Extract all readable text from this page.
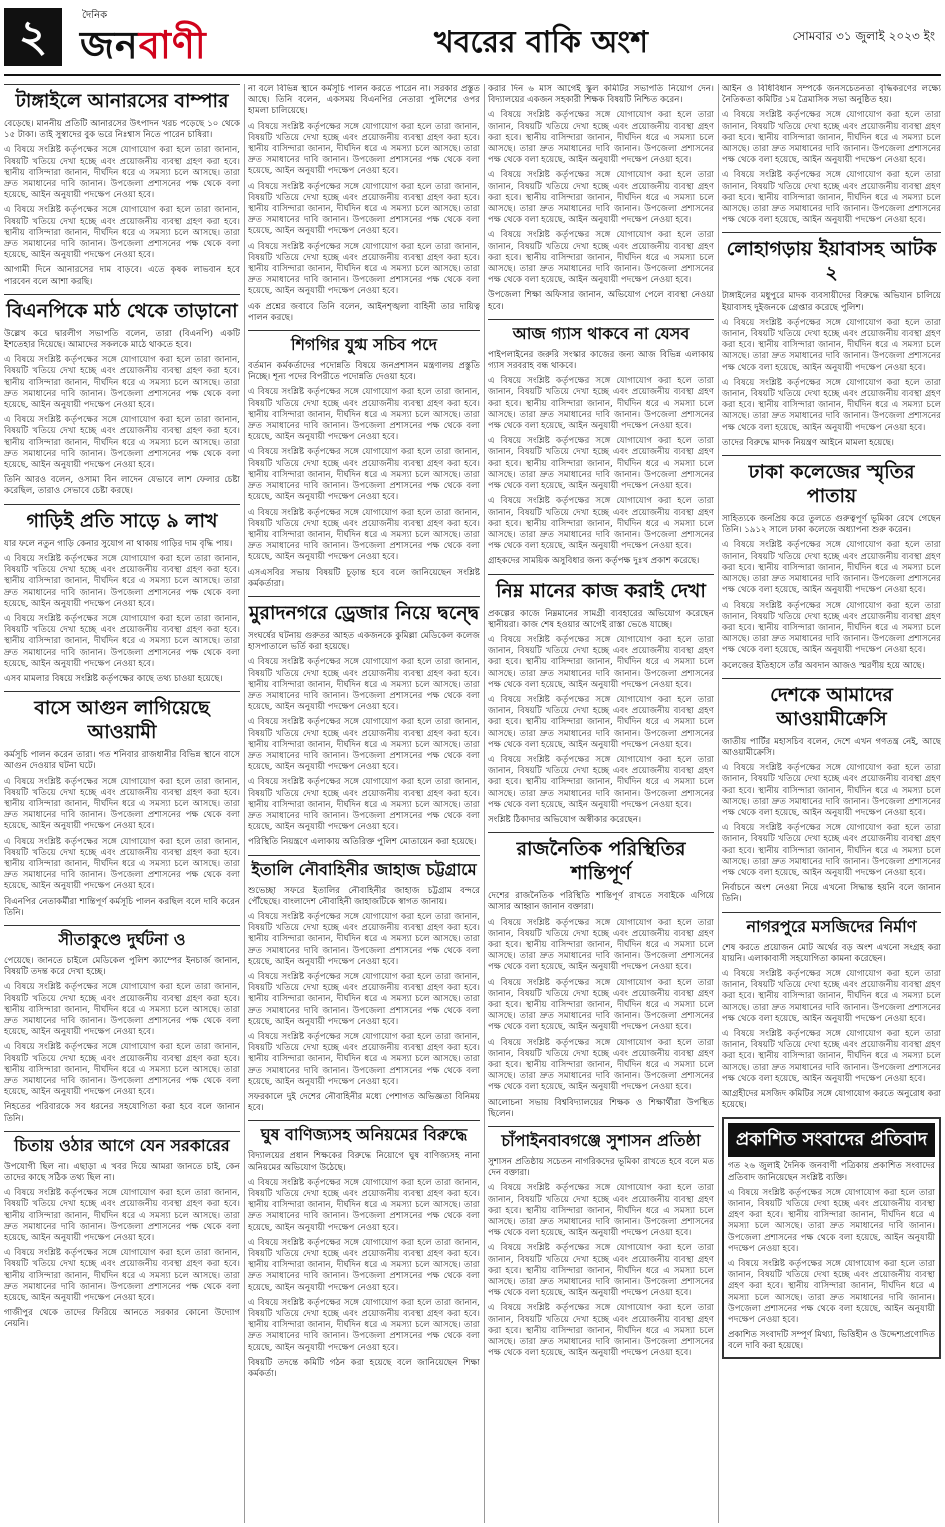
২	দৈনিক
জনবাণী	খবরের বাকি অংশ	সোমবার ৩১ জুলাই ২০২৩ ইং
টাঙ্গাইলে আনারসের বাম্পার

বেড়েছে। মাননীয় প্রতিটি আনারসের উৎপাদন খরচ পড়েছে ১০ থেকে ১৫ টাকা। তাই সুস্বাদের বুক ভরে নিঃশ্বাস নিতে পারেন চাষিরা।

এ বিষয়ে সংশ্লিষ্ট কর্তৃপক্ষের সঙ্গে যোগাযোগ করা হলে তারা জানান, বিষয়টি খতিয়ে দেখা হচ্ছে এবং প্রয়োজনীয় ব্যবস্থা গ্রহণ করা হবে। স্থানীয় বাসিন্দারা জানান, দীর্ঘদিন ধরে এ সমস্যা চলে আসছে। তারা দ্রুত সমাধানের দাবি জানান। উপজেলা প্রশাসনের পক্ষ থেকে বলা হয়েছে, আইন অনুযায়ী পদক্ষেপ নেওয়া হবে।

এ বিষয়ে সংশ্লিষ্ট কর্তৃপক্ষের সঙ্গে যোগাযোগ করা হলে তারা জানান, বিষয়টি খতিয়ে দেখা হচ্ছে এবং প্রয়োজনীয় ব্যবস্থা গ্রহণ করা হবে। স্থানীয় বাসিন্দারা জানান, দীর্ঘদিন ধরে এ সমস্যা চলে আসছে। তারা দ্রুত সমাধানের দাবি জানান। উপজেলা প্রশাসনের পক্ষ থেকে বলা হয়েছে, আইন অনুযায়ী পদক্ষেপ নেওয়া হবে।

আগামী দিনে আনারসের দাম বাড়বে। এতে কৃষক লাভবান হবে পারবেন বলে আশা করছি।

বিএনপিকে মাঠ থেকে তাড়ানো

উল্লেখ করে দ্বারলীগ সভাপতি বলেন, তারা (বিএনপি) একটি ইশতেহার দিয়েছে। আমাদের সকলকে মাঠে থাকতে হবে।

এ বিষয়ে সংশ্লিষ্ট কর্তৃপক্ষের সঙ্গে যোগাযোগ করা হলে তারা জানান, বিষয়টি খতিয়ে দেখা হচ্ছে এবং প্রয়োজনীয় ব্যবস্থা গ্রহণ করা হবে। স্থানীয় বাসিন্দারা জানান, দীর্ঘদিন ধরে এ সমস্যা চলে আসছে। তারা দ্রুত সমাধানের দাবি জানান। উপজেলা প্রশাসনের পক্ষ থেকে বলা হয়েছে, আইন অনুযায়ী পদক্ষেপ নেওয়া হবে।

এ বিষয়ে সংশ্লিষ্ট কর্তৃপক্ষের সঙ্গে যোগাযোগ করা হলে তারা জানান, বিষয়টি খতিয়ে দেখা হচ্ছে এবং প্রয়োজনীয় ব্যবস্থা গ্রহণ করা হবে। স্থানীয় বাসিন্দারা জানান, দীর্ঘদিন ধরে এ সমস্যা চলে আসছে। তারা দ্রুত সমাধানের দাবি জানান। উপজেলা প্রশাসনের পক্ষ থেকে বলা হয়েছে, আইন অনুযায়ী পদক্ষেপ নেওয়া হবে।

তিনি আরও বলেন, ওসামা বিন লাদেন যেভাবে লাশ ফেলার চেষ্টা করেছিল, তারাও সেভাবে চেষ্টা করছে।

গাড়িই প্রতি সাড়ে ৯ লাখ

যার ফলে নতুন গাড়ি কেনার সুযোগ না থাকায় গাড়ির দাম বৃদ্ধি পায়।

এ বিষয়ে সংশ্লিষ্ট কর্তৃপক্ষের সঙ্গে যোগাযোগ করা হলে তারা জানান, বিষয়টি খতিয়ে দেখা হচ্ছে এবং প্রয়োজনীয় ব্যবস্থা গ্রহণ করা হবে। স্থানীয় বাসিন্দারা জানান, দীর্ঘদিন ধরে এ সমস্যা চলে আসছে। তারা দ্রুত সমাধানের দাবি জানান। উপজেলা প্রশাসনের পক্ষ থেকে বলা হয়েছে, আইন অনুযায়ী পদক্ষেপ নেওয়া হবে।

এ বিষয়ে সংশ্লিষ্ট কর্তৃপক্ষের সঙ্গে যোগাযোগ করা হলে তারা জানান, বিষয়টি খতিয়ে দেখা হচ্ছে এবং প্রয়োজনীয় ব্যবস্থা গ্রহণ করা হবে। স্থানীয় বাসিন্দারা জানান, দীর্ঘদিন ধরে এ সমস্যা চলে আসছে। তারা দ্রুত সমাধানের দাবি জানান। উপজেলা প্রশাসনের পক্ষ থেকে বলা হয়েছে, আইন অনুযায়ী পদক্ষেপ নেওয়া হবে।

এসব মামলার বিষয়ে সংশ্লিষ্ট কর্তৃপক্ষের কাছে তথ্য চাওয়া হয়েছে।

বাসে আগুন লাগিয়েছে আওয়ামী

কর্মসূচি পালন করেন তারা। গত শনিবার রাজধানীর বিভিন্ন স্থানে বাসে আগুন দেওয়ার ঘটনা ঘটে।

এ বিষয়ে সংশ্লিষ্ট কর্তৃপক্ষের সঙ্গে যোগাযোগ করা হলে তারা জানান, বিষয়টি খতিয়ে দেখা হচ্ছে এবং প্রয়োজনীয় ব্যবস্থা গ্রহণ করা হবে। স্থানীয় বাসিন্দারা জানান, দীর্ঘদিন ধরে এ সমস্যা চলে আসছে। তারা দ্রুত সমাধানের দাবি জানান। উপজেলা প্রশাসনের পক্ষ থেকে বলা হয়েছে, আইন অনুযায়ী পদক্ষেপ নেওয়া হবে।

এ বিষয়ে সংশ্লিষ্ট কর্তৃপক্ষের সঙ্গে যোগাযোগ করা হলে তারা জানান, বিষয়টি খতিয়ে দেখা হচ্ছে এবং প্রয়োজনীয় ব্যবস্থা গ্রহণ করা হবে। স্থানীয় বাসিন্দারা জানান, দীর্ঘদিন ধরে এ সমস্যা চলে আসছে। তারা দ্রুত সমাধানের দাবি জানান। উপজেলা প্রশাসনের পক্ষ থেকে বলা হয়েছে, আইন অনুযায়ী পদক্ষেপ নেওয়া হবে।

বিএনপির নেতাকর্মীরা শান্তিপূর্ণ কর্মসূচি পালন করছিল বলে দাবি করেন তিনি।

সীতাকুণ্ডে দুর্ঘটনা ও

পেয়েছে। জানতে চাইলে মেডিকেল পুলিশ ক্যাম্পের ইনচার্জ জানান, বিষয়টি তদন্ত করে দেখা হচ্ছে।

এ বিষয়ে সংশ্লিষ্ট কর্তৃপক্ষের সঙ্গে যোগাযোগ করা হলে তারা জানান, বিষয়টি খতিয়ে দেখা হচ্ছে এবং প্রয়োজনীয় ব্যবস্থা গ্রহণ করা হবে। স্থানীয় বাসিন্দারা জানান, দীর্ঘদিন ধরে এ সমস্যা চলে আসছে। তারা দ্রুত সমাধানের দাবি জানান। উপজেলা প্রশাসনের পক্ষ থেকে বলা হয়েছে, আইন অনুযায়ী পদক্ষেপ নেওয়া হবে।

এ বিষয়ে সংশ্লিষ্ট কর্তৃপক্ষের সঙ্গে যোগাযোগ করা হলে তারা জানান, বিষয়টি খতিয়ে দেখা হচ্ছে এবং প্রয়োজনীয় ব্যবস্থা গ্রহণ করা হবে। স্থানীয় বাসিন্দারা জানান, দীর্ঘদিন ধরে এ সমস্যা চলে আসছে। তারা দ্রুত সমাধানের দাবি জানান। উপজেলা প্রশাসনের পক্ষ থেকে বলা হয়েছে, আইন অনুযায়ী পদক্ষেপ নেওয়া হবে।

নিহতের পরিবারকে সব ধরনের সহযোগিতা করা হবে বলে জানান তিনি।

চিতায় ওঠার আগে যেন সরকারের

উপযোগী ছিল না। এছাড়া এ খবর দিয়ে আমরা জানতে চাই, কেন তাদের কাছে সঠিক তথ্য ছিল না।

এ বিষয়ে সংশ্লিষ্ট কর্তৃপক্ষের সঙ্গে যোগাযোগ করা হলে তারা জানান, বিষয়টি খতিয়ে দেখা হচ্ছে এবং প্রয়োজনীয় ব্যবস্থা গ্রহণ করা হবে। স্থানীয় বাসিন্দারা জানান, দীর্ঘদিন ধরে এ সমস্যা চলে আসছে। তারা দ্রুত সমাধানের দাবি জানান। উপজেলা প্রশাসনের পক্ষ থেকে বলা হয়েছে, আইন অনুযায়ী পদক্ষেপ নেওয়া হবে।

এ বিষয়ে সংশ্লিষ্ট কর্তৃপক্ষের সঙ্গে যোগাযোগ করা হলে তারা জানান, বিষয়টি খতিয়ে দেখা হচ্ছে এবং প্রয়োজনীয় ব্যবস্থা গ্রহণ করা হবে। স্থানীয় বাসিন্দারা জানান, দীর্ঘদিন ধরে এ সমস্যা চলে আসছে। তারা দ্রুত সমাধানের দাবি জানান। উপজেলা প্রশাসনের পক্ষ থেকে বলা হয়েছে, আইন অনুযায়ী পদক্ষেপ নেওয়া হবে।

গাজীপুর থেকে তাদের ফিরিয়ে আনতে সরকার কোনো উদ্যোগ নেয়নি।

না বলে বিভিন্ন স্থানে কর্মসূচি পালন করতে পারেন না। সরকার প্রস্তুত আছে। তিনি বলেন, একসময় বিএনপির নেতারা পুলিশের ওপর হামলা চালিয়েছে।

এ বিষয়ে সংশ্লিষ্ট কর্তৃপক্ষের সঙ্গে যোগাযোগ করা হলে তারা জানান, বিষয়টি খতিয়ে দেখা হচ্ছে এবং প্রয়োজনীয় ব্যবস্থা গ্রহণ করা হবে। স্থানীয় বাসিন্দারা জানান, দীর্ঘদিন ধরে এ সমস্যা চলে আসছে। তারা দ্রুত সমাধানের দাবি জানান। উপজেলা প্রশাসনের পক্ষ থেকে বলা হয়েছে, আইন অনুযায়ী পদক্ষেপ নেওয়া হবে।

এ বিষয়ে সংশ্লিষ্ট কর্তৃপক্ষের সঙ্গে যোগাযোগ করা হলে তারা জানান, বিষয়টি খতিয়ে দেখা হচ্ছে এবং প্রয়োজনীয় ব্যবস্থা গ্রহণ করা হবে। স্থানীয় বাসিন্দারা জানান, দীর্ঘদিন ধরে এ সমস্যা চলে আসছে। তারা দ্রুত সমাধানের দাবি জানান। উপজেলা প্রশাসনের পক্ষ থেকে বলা হয়েছে, আইন অনুযায়ী পদক্ষেপ নেওয়া হবে।

এ বিষয়ে সংশ্লিষ্ট কর্তৃপক্ষের সঙ্গে যোগাযোগ করা হলে তারা জানান, বিষয়টি খতিয়ে দেখা হচ্ছে এবং প্রয়োজনীয় ব্যবস্থা গ্রহণ করা হবে। স্থানীয় বাসিন্দারা জানান, দীর্ঘদিন ধরে এ সমস্যা চলে আসছে। তারা দ্রুত সমাধানের দাবি জানান। উপজেলা প্রশাসনের পক্ষ থেকে বলা হয়েছে, আইন অনুযায়ী পদক্ষেপ নেওয়া হবে।

এক প্রশ্নের জবাবে তিনি বলেন, আইনশৃঙ্খলা বাহিনী তার দায়িত্ব পালন করছে।

শিগগির যুগ্ম সচিব পদে

বর্তমান কর্মকর্তাদের পদোন্নতি বিষয়ে জনপ্রশাসন মন্ত্রণালয় প্রস্তুতি নিচ্ছে। শূন্য পদের বিপরীতে পদোন্নতি দেওয়া হবে।

এ বিষয়ে সংশ্লিষ্ট কর্তৃপক্ষের সঙ্গে যোগাযোগ করা হলে তারা জানান, বিষয়টি খতিয়ে দেখা হচ্ছে এবং প্রয়োজনীয় ব্যবস্থা গ্রহণ করা হবে। স্থানীয় বাসিন্দারা জানান, দীর্ঘদিন ধরে এ সমস্যা চলে আসছে। তারা দ্রুত সমাধানের দাবি জানান। উপজেলা প্রশাসনের পক্ষ থেকে বলা হয়েছে, আইন অনুযায়ী পদক্ষেপ নেওয়া হবে।

এ বিষয়ে সংশ্লিষ্ট কর্তৃপক্ষের সঙ্গে যোগাযোগ করা হলে তারা জানান, বিষয়টি খতিয়ে দেখা হচ্ছে এবং প্রয়োজনীয় ব্যবস্থা গ্রহণ করা হবে। স্থানীয় বাসিন্দারা জানান, দীর্ঘদিন ধরে এ সমস্যা চলে আসছে। তারা দ্রুত সমাধানের দাবি জানান। উপজেলা প্রশাসনের পক্ষ থেকে বলা হয়েছে, আইন অনুযায়ী পদক্ষেপ নেওয়া হবে।

এ বিষয়ে সংশ্লিষ্ট কর্তৃপক্ষের সঙ্গে যোগাযোগ করা হলে তারা জানান, বিষয়টি খতিয়ে দেখা হচ্ছে এবং প্রয়োজনীয় ব্যবস্থা গ্রহণ করা হবে। স্থানীয় বাসিন্দারা জানান, দীর্ঘদিন ধরে এ সমস্যা চলে আসছে। তারা দ্রুত সমাধানের দাবি জানান। উপজেলা প্রশাসনের পক্ষ থেকে বলা হয়েছে, আইন অনুযায়ী পদক্ষেপ নেওয়া হবে।

এসএসবির সভায় বিষয়টি চূড়ান্ত হবে বলে জানিয়েছেন সংশ্লিষ্ট কর্মকর্তারা।

মুরাদনগরে ড্রেজার নিয়ে দ্বন্দ্বে

সংঘর্ষের ঘটনায় গুরুতর আহত একজনকে কুমিল্লা মেডিকেল কলেজ হাসপাতালে ভর্তি করা হয়েছে।

এ বিষয়ে সংশ্লিষ্ট কর্তৃপক্ষের সঙ্গে যোগাযোগ করা হলে তারা জানান, বিষয়টি খতিয়ে দেখা হচ্ছে এবং প্রয়োজনীয় ব্যবস্থা গ্রহণ করা হবে। স্থানীয় বাসিন্দারা জানান, দীর্ঘদিন ধরে এ সমস্যা চলে আসছে। তারা দ্রুত সমাধানের দাবি জানান। উপজেলা প্রশাসনের পক্ষ থেকে বলা হয়েছে, আইন অনুযায়ী পদক্ষেপ নেওয়া হবে।

এ বিষয়ে সংশ্লিষ্ট কর্তৃপক্ষের সঙ্গে যোগাযোগ করা হলে তারা জানান, বিষয়টি খতিয়ে দেখা হচ্ছে এবং প্রয়োজনীয় ব্যবস্থা গ্রহণ করা হবে। স্থানীয় বাসিন্দারা জানান, দীর্ঘদিন ধরে এ সমস্যা চলে আসছে। তারা দ্রুত সমাধানের দাবি জানান। উপজেলা প্রশাসনের পক্ষ থেকে বলা হয়েছে, আইন অনুযায়ী পদক্ষেপ নেওয়া হবে।

এ বিষয়ে সংশ্লিষ্ট কর্তৃপক্ষের সঙ্গে যোগাযোগ করা হলে তারা জানান, বিষয়টি খতিয়ে দেখা হচ্ছে এবং প্রয়োজনীয় ব্যবস্থা গ্রহণ করা হবে। স্থানীয় বাসিন্দারা জানান, দীর্ঘদিন ধরে এ সমস্যা চলে আসছে। তারা দ্রুত সমাধানের দাবি জানান। উপজেলা প্রশাসনের পক্ষ থেকে বলা হয়েছে, আইন অনুযায়ী পদক্ষেপ নেওয়া হবে।

পরিস্থিতি নিয়ন্ত্রণে এলাকায় অতিরিক্ত পুলিশ মোতায়েন করা হয়েছে।

ইতালি নৌবাহিনীর জাহাজ চট্টগ্রামে

শুভেচ্ছা সফরে ইতালির নৌবাহিনীর জাহাজ চট্টগ্রাম বন্দরে পৌঁছেছে। বাংলাদেশ নৌবাহিনী জাহাজটিকে স্বাগত জানায়।

এ বিষয়ে সংশ্লিষ্ট কর্তৃপক্ষের সঙ্গে যোগাযোগ করা হলে তারা জানান, বিষয়টি খতিয়ে দেখা হচ্ছে এবং প্রয়োজনীয় ব্যবস্থা গ্রহণ করা হবে। স্থানীয় বাসিন্দারা জানান, দীর্ঘদিন ধরে এ সমস্যা চলে আসছে। তারা দ্রুত সমাধানের দাবি জানান। উপজেলা প্রশাসনের পক্ষ থেকে বলা হয়েছে, আইন অনুযায়ী পদক্ষেপ নেওয়া হবে।

এ বিষয়ে সংশ্লিষ্ট কর্তৃপক্ষের সঙ্গে যোগাযোগ করা হলে তারা জানান, বিষয়টি খতিয়ে দেখা হচ্ছে এবং প্রয়োজনীয় ব্যবস্থা গ্রহণ করা হবে। স্থানীয় বাসিন্দারা জানান, দীর্ঘদিন ধরে এ সমস্যা চলে আসছে। তারা দ্রুত সমাধানের দাবি জানান। উপজেলা প্রশাসনের পক্ষ থেকে বলা হয়েছে, আইন অনুযায়ী পদক্ষেপ নেওয়া হবে।

এ বিষয়ে সংশ্লিষ্ট কর্তৃপক্ষের সঙ্গে যোগাযোগ করা হলে তারা জানান, বিষয়টি খতিয়ে দেখা হচ্ছে এবং প্রয়োজনীয় ব্যবস্থা গ্রহণ করা হবে। স্থানীয় বাসিন্দারা জানান, দীর্ঘদিন ধরে এ সমস্যা চলে আসছে। তারা দ্রুত সমাধানের দাবি জানান। উপজেলা প্রশাসনের পক্ষ থেকে বলা হয়েছে, আইন অনুযায়ী পদক্ষেপ নেওয়া হবে।

সফরকালে দুই দেশের নৌবাহিনীর মধ্যে পেশাগত অভিজ্ঞতা বিনিময় হবে।

ঘুষ বাণিজ্যসহ অনিয়মের বিরুদ্ধে

বিদ্যালয়ের প্রধান শিক্ষকের বিরুদ্ধে নিয়োগে ঘুষ বাণিজ্যসহ নানা অনিয়মের অভিযোগ উঠেছে।

এ বিষয়ে সংশ্লিষ্ট কর্তৃপক্ষের সঙ্গে যোগাযোগ করা হলে তারা জানান, বিষয়টি খতিয়ে দেখা হচ্ছে এবং প্রয়োজনীয় ব্যবস্থা গ্রহণ করা হবে। স্থানীয় বাসিন্দারা জানান, দীর্ঘদিন ধরে এ সমস্যা চলে আসছে। তারা দ্রুত সমাধানের দাবি জানান। উপজেলা প্রশাসনের পক্ষ থেকে বলা হয়েছে, আইন অনুযায়ী পদক্ষেপ নেওয়া হবে।

এ বিষয়ে সংশ্লিষ্ট কর্তৃপক্ষের সঙ্গে যোগাযোগ করা হলে তারা জানান, বিষয়টি খতিয়ে দেখা হচ্ছে এবং প্রয়োজনীয় ব্যবস্থা গ্রহণ করা হবে। স্থানীয় বাসিন্দারা জানান, দীর্ঘদিন ধরে এ সমস্যা চলে আসছে। তারা দ্রুত সমাধানের দাবি জানান। উপজেলা প্রশাসনের পক্ষ থেকে বলা হয়েছে, আইন অনুযায়ী পদক্ষেপ নেওয়া হবে।

এ বিষয়ে সংশ্লিষ্ট কর্তৃপক্ষের সঙ্গে যোগাযোগ করা হলে তারা জানান, বিষয়টি খতিয়ে দেখা হচ্ছে এবং প্রয়োজনীয় ব্যবস্থা গ্রহণ করা হবে। স্থানীয় বাসিন্দারা জানান, দীর্ঘদিন ধরে এ সমস্যা চলে আসছে। তারা দ্রুত সমাধানের দাবি জানান। উপজেলা প্রশাসনের পক্ষ থেকে বলা হয়েছে, আইন অনুযায়ী পদক্ষেপ নেওয়া হবে।

বিষয়টি তদন্তে কমিটি গঠন করা হয়েছে বলে জানিয়েছেন শিক্ষা কর্মকর্তা।

করার দিন ৬ মাস আগেই স্কুল কমিটির সভাপতি নিয়োগ দেন। বিদ্যালয়ের একজন সহকারী শিক্ষক বিষয়টি নিশ্চিত করেন।

এ বিষয়ে সংশ্লিষ্ট কর্তৃপক্ষের সঙ্গে যোগাযোগ করা হলে তারা জানান, বিষয়টি খতিয়ে দেখা হচ্ছে এবং প্রয়োজনীয় ব্যবস্থা গ্রহণ করা হবে। স্থানীয় বাসিন্দারা জানান, দীর্ঘদিন ধরে এ সমস্যা চলে আসছে। তারা দ্রুত সমাধানের দাবি জানান। উপজেলা প্রশাসনের পক্ষ থেকে বলা হয়েছে, আইন অনুযায়ী পদক্ষেপ নেওয়া হবে।

এ বিষয়ে সংশ্লিষ্ট কর্তৃপক্ষের সঙ্গে যোগাযোগ করা হলে তারা জানান, বিষয়টি খতিয়ে দেখা হচ্ছে এবং প্রয়োজনীয় ব্যবস্থা গ্রহণ করা হবে। স্থানীয় বাসিন্দারা জানান, দীর্ঘদিন ধরে এ সমস্যা চলে আসছে। তারা দ্রুত সমাধানের দাবি জানান। উপজেলা প্রশাসনের পক্ষ থেকে বলা হয়েছে, আইন অনুযায়ী পদক্ষেপ নেওয়া হবে।

এ বিষয়ে সংশ্লিষ্ট কর্তৃপক্ষের সঙ্গে যোগাযোগ করা হলে তারা জানান, বিষয়টি খতিয়ে দেখা হচ্ছে এবং প্রয়োজনীয় ব্যবস্থা গ্রহণ করা হবে। স্থানীয় বাসিন্দারা জানান, দীর্ঘদিন ধরে এ সমস্যা চলে আসছে। তারা দ্রুত সমাধানের দাবি জানান। উপজেলা প্রশাসনের পক্ষ থেকে বলা হয়েছে, আইন অনুযায়ী পদক্ষেপ নেওয়া হবে।

উপজেলা শিক্ষা অফিসার জানান, অভিযোগ পেলে ব্যবস্থা নেওয়া হবে।

আজ গ্যাস থাকবে না যেসব

পাইপলাইনের জরুরি সংস্কার কাজের জন্য আজ বিভিন্ন এলাকায় গ্যাস সরবরাহ বন্ধ থাকবে।

এ বিষয়ে সংশ্লিষ্ট কর্তৃপক্ষের সঙ্গে যোগাযোগ করা হলে তারা জানান, বিষয়টি খতিয়ে দেখা হচ্ছে এবং প্রয়োজনীয় ব্যবস্থা গ্রহণ করা হবে। স্থানীয় বাসিন্দারা জানান, দীর্ঘদিন ধরে এ সমস্যা চলে আসছে। তারা দ্রুত সমাধানের দাবি জানান। উপজেলা প্রশাসনের পক্ষ থেকে বলা হয়েছে, আইন অনুযায়ী পদক্ষেপ নেওয়া হবে।

এ বিষয়ে সংশ্লিষ্ট কর্তৃপক্ষের সঙ্গে যোগাযোগ করা হলে তারা জানান, বিষয়টি খতিয়ে দেখা হচ্ছে এবং প্রয়োজনীয় ব্যবস্থা গ্রহণ করা হবে। স্থানীয় বাসিন্দারা জানান, দীর্ঘদিন ধরে এ সমস্যা চলে আসছে। তারা দ্রুত সমাধানের দাবি জানান। উপজেলা প্রশাসনের পক্ষ থেকে বলা হয়েছে, আইন অনুযায়ী পদক্ষেপ নেওয়া হবে।

এ বিষয়ে সংশ্লিষ্ট কর্তৃপক্ষের সঙ্গে যোগাযোগ করা হলে তারা জানান, বিষয়টি খতিয়ে দেখা হচ্ছে এবং প্রয়োজনীয় ব্যবস্থা গ্রহণ করা হবে। স্থানীয় বাসিন্দারা জানান, দীর্ঘদিন ধরে এ সমস্যা চলে আসছে। তারা দ্রুত সমাধানের দাবি জানান। উপজেলা প্রশাসনের পক্ষ থেকে বলা হয়েছে, আইন অনুযায়ী পদক্ষেপ নেওয়া হবে।

গ্রাহকদের সাময়িক অসুবিধার জন্য কর্তৃপক্ষ দুঃখ প্রকাশ করেছে।

নিম্ন মানের কাজ করাই দেখা

প্রকল্পের কাজে নিম্নমানের সামগ্রী ব্যবহারের অভিযোগ করেছেন স্থানীয়রা। কাজ শেষ হওয়ার আগেই রাস্তা ভেঙে যাচ্ছে।

এ বিষয়ে সংশ্লিষ্ট কর্তৃপক্ষের সঙ্গে যোগাযোগ করা হলে তারা জানান, বিষয়টি খতিয়ে দেখা হচ্ছে এবং প্রয়োজনীয় ব্যবস্থা গ্রহণ করা হবে। স্থানীয় বাসিন্দারা জানান, দীর্ঘদিন ধরে এ সমস্যা চলে আসছে। তারা দ্রুত সমাধানের দাবি জানান। উপজেলা প্রশাসনের পক্ষ থেকে বলা হয়েছে, আইন অনুযায়ী পদক্ষেপ নেওয়া হবে।

এ বিষয়ে সংশ্লিষ্ট কর্তৃপক্ষের সঙ্গে যোগাযোগ করা হলে তারা জানান, বিষয়টি খতিয়ে দেখা হচ্ছে এবং প্রয়োজনীয় ব্যবস্থা গ্রহণ করা হবে। স্থানীয় বাসিন্দারা জানান, দীর্ঘদিন ধরে এ সমস্যা চলে আসছে। তারা দ্রুত সমাধানের দাবি জানান। উপজেলা প্রশাসনের পক্ষ থেকে বলা হয়েছে, আইন অনুযায়ী পদক্ষেপ নেওয়া হবে।

এ বিষয়ে সংশ্লিষ্ট কর্তৃপক্ষের সঙ্গে যোগাযোগ করা হলে তারা জানান, বিষয়টি খতিয়ে দেখা হচ্ছে এবং প্রয়োজনীয় ব্যবস্থা গ্রহণ করা হবে। স্থানীয় বাসিন্দারা জানান, দীর্ঘদিন ধরে এ সমস্যা চলে আসছে। তারা দ্রুত সমাধানের দাবি জানান। উপজেলা প্রশাসনের পক্ষ থেকে বলা হয়েছে, আইন অনুযায়ী পদক্ষেপ নেওয়া হবে।

সংশ্লিষ্ট ঠিকাদার অভিযোগ অস্বীকার করেছেন।

রাজনৈতিক পরিস্থিতির শান্তিপূর্ণ

দেশের রাজনৈতিক পরিস্থিতি শান্তিপূর্ণ রাখতে সবাইকে এগিয়ে আসার আহ্বান জানান বক্তারা।

এ বিষয়ে সংশ্লিষ্ট কর্তৃপক্ষের সঙ্গে যোগাযোগ করা হলে তারা জানান, বিষয়টি খতিয়ে দেখা হচ্ছে এবং প্রয়োজনীয় ব্যবস্থা গ্রহণ করা হবে। স্থানীয় বাসিন্দারা জানান, দীর্ঘদিন ধরে এ সমস্যা চলে আসছে। তারা দ্রুত সমাধানের দাবি জানান। উপজেলা প্রশাসনের পক্ষ থেকে বলা হয়েছে, আইন অনুযায়ী পদক্ষেপ নেওয়া হবে।

এ বিষয়ে সংশ্লিষ্ট কর্তৃপক্ষের সঙ্গে যোগাযোগ করা হলে তারা জানান, বিষয়টি খতিয়ে দেখা হচ্ছে এবং প্রয়োজনীয় ব্যবস্থা গ্রহণ করা হবে। স্থানীয় বাসিন্দারা জানান, দীর্ঘদিন ধরে এ সমস্যা চলে আসছে। তারা দ্রুত সমাধানের দাবি জানান। উপজেলা প্রশাসনের পক্ষ থেকে বলা হয়েছে, আইন অনুযায়ী পদক্ষেপ নেওয়া হবে।

এ বিষয়ে সংশ্লিষ্ট কর্তৃপক্ষের সঙ্গে যোগাযোগ করা হলে তারা জানান, বিষয়টি খতিয়ে দেখা হচ্ছে এবং প্রয়োজনীয় ব্যবস্থা গ্রহণ করা হবে। স্থানীয় বাসিন্দারা জানান, দীর্ঘদিন ধরে এ সমস্যা চলে আসছে। তারা দ্রুত সমাধানের দাবি জানান। উপজেলা প্রশাসনের পক্ষ থেকে বলা হয়েছে, আইন অনুযায়ী পদক্ষেপ নেওয়া হবে।

আলোচনা সভায় বিশ্ববিদ্যালয়ের শিক্ষক ও শিক্ষার্থীরা উপস্থিত ছিলেন।

চাঁপাইনবাবগঞ্জে সুশাসন প্রতিষ্ঠা

সুশাসন প্রতিষ্ঠায় সচেতন নাগরিকদের ভূমিকা রাখতে হবে বলে মত দেন বক্তারা।

এ বিষয়ে সংশ্লিষ্ট কর্তৃপক্ষের সঙ্গে যোগাযোগ করা হলে তারা জানান, বিষয়টি খতিয়ে দেখা হচ্ছে এবং প্রয়োজনীয় ব্যবস্থা গ্রহণ করা হবে। স্থানীয় বাসিন্দারা জানান, দীর্ঘদিন ধরে এ সমস্যা চলে আসছে। তারা দ্রুত সমাধানের দাবি জানান। উপজেলা প্রশাসনের পক্ষ থেকে বলা হয়েছে, আইন অনুযায়ী পদক্ষেপ নেওয়া হবে।

এ বিষয়ে সংশ্লিষ্ট কর্তৃপক্ষের সঙ্গে যোগাযোগ করা হলে তারা জানান, বিষয়টি খতিয়ে দেখা হচ্ছে এবং প্রয়োজনীয় ব্যবস্থা গ্রহণ করা হবে। স্থানীয় বাসিন্দারা জানান, দীর্ঘদিন ধরে এ সমস্যা চলে আসছে। তারা দ্রুত সমাধানের দাবি জানান। উপজেলা প্রশাসনের পক্ষ থেকে বলা হয়েছে, আইন অনুযায়ী পদক্ষেপ নেওয়া হবে।

এ বিষয়ে সংশ্লিষ্ট কর্তৃপক্ষের সঙ্গে যোগাযোগ করা হলে তারা জানান, বিষয়টি খতিয়ে দেখা হচ্ছে এবং প্রয়োজনীয় ব্যবস্থা গ্রহণ করা হবে। স্থানীয় বাসিন্দারা জানান, দীর্ঘদিন ধরে এ সমস্যা চলে আসছে। তারা দ্রুত সমাধানের দাবি জানান। উপজেলা প্রশাসনের পক্ষ থেকে বলা হয়েছে, আইন অনুযায়ী পদক্ষেপ নেওয়া হবে।

আইন ও বিধিবিধান সম্পর্কে জনসচেতনতা বৃদ্ধিকরণের লক্ষ্যে নৈতিকতা কমিটির ১ম ত্রৈমাসিক সভা অনুষ্ঠিত হয়।

এ বিষয়ে সংশ্লিষ্ট কর্তৃপক্ষের সঙ্গে যোগাযোগ করা হলে তারা জানান, বিষয়টি খতিয়ে দেখা হচ্ছে এবং প্রয়োজনীয় ব্যবস্থা গ্রহণ করা হবে। স্থানীয় বাসিন্দারা জানান, দীর্ঘদিন ধরে এ সমস্যা চলে আসছে। তারা দ্রুত সমাধানের দাবি জানান। উপজেলা প্রশাসনের পক্ষ থেকে বলা হয়েছে, আইন অনুযায়ী পদক্ষেপ নেওয়া হবে।

এ বিষয়ে সংশ্লিষ্ট কর্তৃপক্ষের সঙ্গে যোগাযোগ করা হলে তারা জানান, বিষয়টি খতিয়ে দেখা হচ্ছে এবং প্রয়োজনীয় ব্যবস্থা গ্রহণ করা হবে। স্থানীয় বাসিন্দারা জানান, দীর্ঘদিন ধরে এ সমস্যা চলে আসছে। তারা দ্রুত সমাধানের দাবি জানান। উপজেলা প্রশাসনের পক্ষ থেকে বলা হয়েছে, আইন অনুযায়ী পদক্ষেপ নেওয়া হবে।

লোহাগড়ায় ইয়াবাসহ আটক ২

টাঙ্গাইলের মধুপুরে মাদক ব্যবসায়ীদের বিরুদ্ধে অভিযান চালিয়ে ইয়াবাসহ দুইজনকে গ্রেপ্তার করেছে পুলিশ।

এ বিষয়ে সংশ্লিষ্ট কর্তৃপক্ষের সঙ্গে যোগাযোগ করা হলে তারা জানান, বিষয়টি খতিয়ে দেখা হচ্ছে এবং প্রয়োজনীয় ব্যবস্থা গ্রহণ করা হবে। স্থানীয় বাসিন্দারা জানান, দীর্ঘদিন ধরে এ সমস্যা চলে আসছে। তারা দ্রুত সমাধানের দাবি জানান। উপজেলা প্রশাসনের পক্ষ থেকে বলা হয়েছে, আইন অনুযায়ী পদক্ষেপ নেওয়া হবে।

এ বিষয়ে সংশ্লিষ্ট কর্তৃপক্ষের সঙ্গে যোগাযোগ করা হলে তারা জানান, বিষয়টি খতিয়ে দেখা হচ্ছে এবং প্রয়োজনীয় ব্যবস্থা গ্রহণ করা হবে। স্থানীয় বাসিন্দারা জানান, দীর্ঘদিন ধরে এ সমস্যা চলে আসছে। তারা দ্রুত সমাধানের দাবি জানান। উপজেলা প্রশাসনের পক্ষ থেকে বলা হয়েছে, আইন অনুযায়ী পদক্ষেপ নেওয়া হবে।

তাদের বিরুদ্ধে মাদক নিয়ন্ত্রণ আইনে মামলা হয়েছে।

ঢাকা কলেজের স্মৃতির পাতায়

সাহিত্যকে জনপ্রিয় করে তুলতে গুরুত্বপূর্ণ ভূমিকা রেখে গেছেন তিনি। ১৯১২ সালে ঢাকা কলেজে অধ্যাপনা শুরু করেন।

এ বিষয়ে সংশ্লিষ্ট কর্তৃপক্ষের সঙ্গে যোগাযোগ করা হলে তারা জানান, বিষয়টি খতিয়ে দেখা হচ্ছে এবং প্রয়োজনীয় ব্যবস্থা গ্রহণ করা হবে। স্থানীয় বাসিন্দারা জানান, দীর্ঘদিন ধরে এ সমস্যা চলে আসছে। তারা দ্রুত সমাধানের দাবি জানান। উপজেলা প্রশাসনের পক্ষ থেকে বলা হয়েছে, আইন অনুযায়ী পদক্ষেপ নেওয়া হবে।

এ বিষয়ে সংশ্লিষ্ট কর্তৃপক্ষের সঙ্গে যোগাযোগ করা হলে তারা জানান, বিষয়টি খতিয়ে দেখা হচ্ছে এবং প্রয়োজনীয় ব্যবস্থা গ্রহণ করা হবে। স্থানীয় বাসিন্দারা জানান, দীর্ঘদিন ধরে এ সমস্যা চলে আসছে। তারা দ্রুত সমাধানের দাবি জানান। উপজেলা প্রশাসনের পক্ষ থেকে বলা হয়েছে, আইন অনুযায়ী পদক্ষেপ নেওয়া হবে।

কলেজের ইতিহাসে তাঁর অবদান আজও স্মরণীয় হয়ে আছে।

দেশকে আমাদের আওয়ামীক্রেসি

জাতীয় পার্টির মহাসচিব বলেন, দেশে এখন গণতন্ত্র নেই, আছে আওয়ামীক্রেসি।

এ বিষয়ে সংশ্লিষ্ট কর্তৃপক্ষের সঙ্গে যোগাযোগ করা হলে তারা জানান, বিষয়টি খতিয়ে দেখা হচ্ছে এবং প্রয়োজনীয় ব্যবস্থা গ্রহণ করা হবে। স্থানীয় বাসিন্দারা জানান, দীর্ঘদিন ধরে এ সমস্যা চলে আসছে। তারা দ্রুত সমাধানের দাবি জানান। উপজেলা প্রশাসনের পক্ষ থেকে বলা হয়েছে, আইন অনুযায়ী পদক্ষেপ নেওয়া হবে।

এ বিষয়ে সংশ্লিষ্ট কর্তৃপক্ষের সঙ্গে যোগাযোগ করা হলে তারা জানান, বিষয়টি খতিয়ে দেখা হচ্ছে এবং প্রয়োজনীয় ব্যবস্থা গ্রহণ করা হবে। স্থানীয় বাসিন্দারা জানান, দীর্ঘদিন ধরে এ সমস্যা চলে আসছে। তারা দ্রুত সমাধানের দাবি জানান। উপজেলা প্রশাসনের পক্ষ থেকে বলা হয়েছে, আইন অনুযায়ী পদক্ষেপ নেওয়া হবে।

নির্বাচনে অংশ নেওয়া নিয়ে এখনো সিদ্ধান্ত হয়নি বলে জানান তিনি।

নাগরপুরে মসজিদের নির্মাণ

শেষ করতে প্রয়োজন মোট অর্থের বড় অংশ এখনো সংগ্রহ করা যায়নি। এলাকাবাসী সহযোগিতা কামনা করেছেন।

এ বিষয়ে সংশ্লিষ্ট কর্তৃপক্ষের সঙ্গে যোগাযোগ করা হলে তারা জানান, বিষয়টি খতিয়ে দেখা হচ্ছে এবং প্রয়োজনীয় ব্যবস্থা গ্রহণ করা হবে। স্থানীয় বাসিন্দারা জানান, দীর্ঘদিন ধরে এ সমস্যা চলে আসছে। তারা দ্রুত সমাধানের দাবি জানান। উপজেলা প্রশাসনের পক্ষ থেকে বলা হয়েছে, আইন অনুযায়ী পদক্ষেপ নেওয়া হবে।

এ বিষয়ে সংশ্লিষ্ট কর্তৃপক্ষের সঙ্গে যোগাযোগ করা হলে তারা জানান, বিষয়টি খতিয়ে দেখা হচ্ছে এবং প্রয়োজনীয় ব্যবস্থা গ্রহণ করা হবে। স্থানীয় বাসিন্দারা জানান, দীর্ঘদিন ধরে এ সমস্যা চলে আসছে। তারা দ্রুত সমাধানের দাবি জানান। উপজেলা প্রশাসনের পক্ষ থেকে বলা হয়েছে, আইন অনুযায়ী পদক্ষেপ নেওয়া হবে।

আগ্রহীদের মসজিদ কমিটির সঙ্গে যোগাযোগ করতে অনুরোধ করা হয়েছে।

প্রকাশিত সংবাদের প্রতিবাদ

গত ২৬ জুলাই দৈনিক জনবাণী পত্রিকায় প্রকাশিত সংবাদের প্রতিবাদ জানিয়েছেন সংশ্লিষ্ট ব্যক্তি।

এ বিষয়ে সংশ্লিষ্ট কর্তৃপক্ষের সঙ্গে যোগাযোগ করা হলে তারা জানান, বিষয়টি খতিয়ে দেখা হচ্ছে এবং প্রয়োজনীয় ব্যবস্থা গ্রহণ করা হবে। স্থানীয় বাসিন্দারা জানান, দীর্ঘদিন ধরে এ সমস্যা চলে আসছে। তারা দ্রুত সমাধানের দাবি জানান। উপজেলা প্রশাসনের পক্ষ থেকে বলা হয়েছে, আইন অনুযায়ী পদক্ষেপ নেওয়া হবে।

এ বিষয়ে সংশ্লিষ্ট কর্তৃপক্ষের সঙ্গে যোগাযোগ করা হলে তারা জানান, বিষয়টি খতিয়ে দেখা হচ্ছে এবং প্রয়োজনীয় ব্যবস্থা গ্রহণ করা হবে। স্থানীয় বাসিন্দারা জানান, দীর্ঘদিন ধরে এ সমস্যা চলে আসছে। তারা দ্রুত সমাধানের দাবি জানান। উপজেলা প্রশাসনের পক্ষ থেকে বলা হয়েছে, আইন অনুযায়ী পদক্ষেপ নেওয়া হবে।

প্রকাশিত সংবাদটি সম্পূর্ণ মিথ্যা, ভিত্তিহীন ও উদ্দেশ্যপ্রণোদিত বলে দাবি করা হয়েছে।
